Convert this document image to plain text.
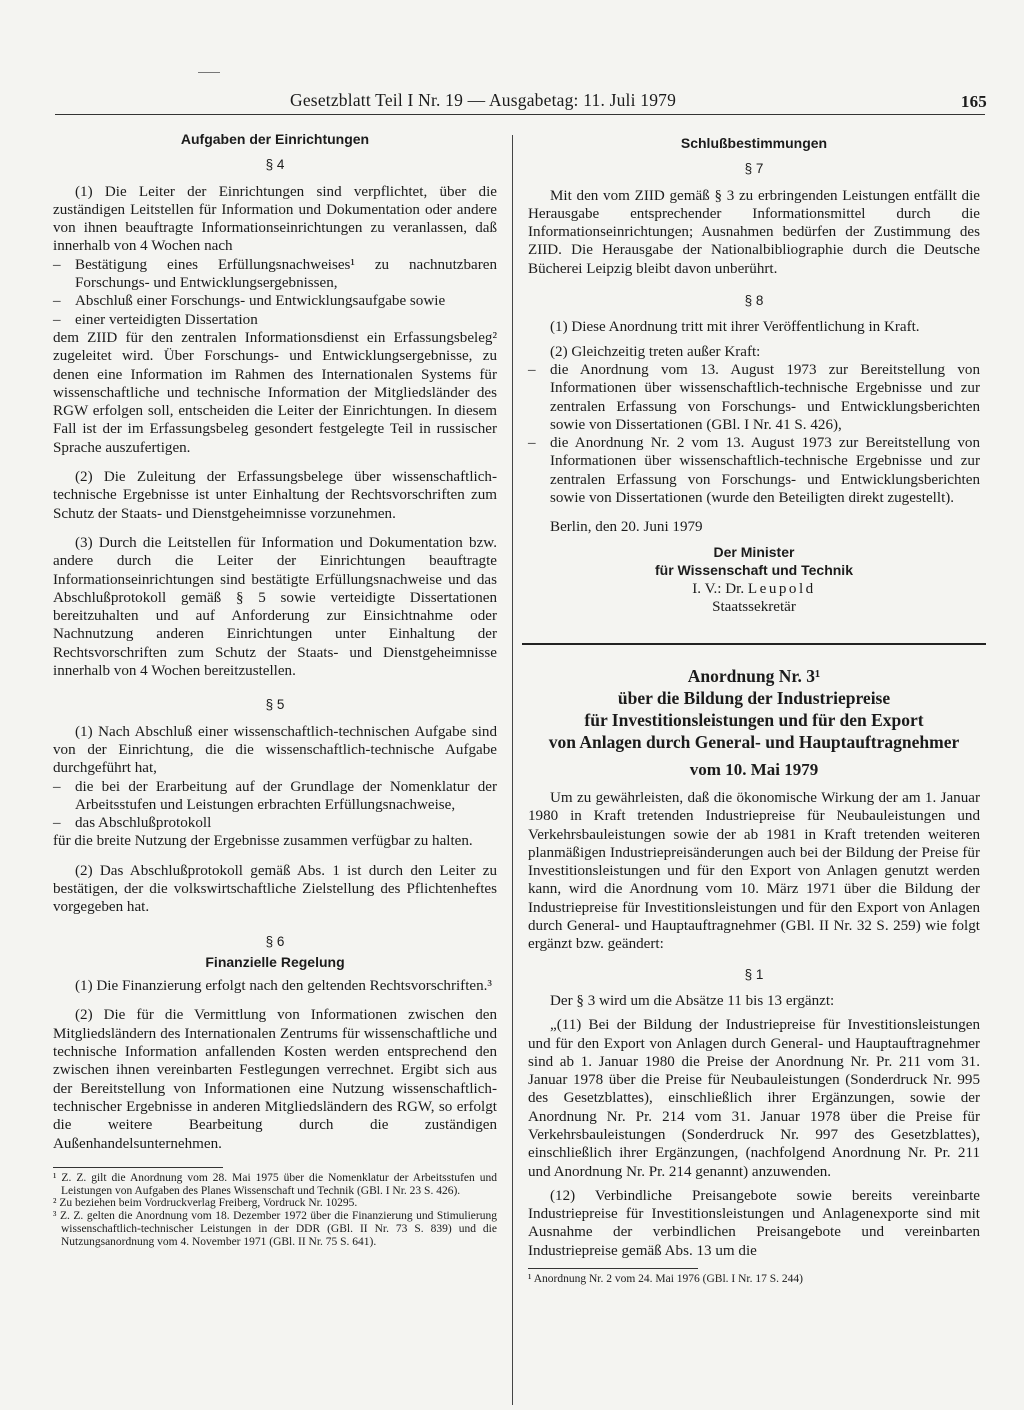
Gesetzblatt Teil I Nr. 19 — Ausgabetag: 11. Juli 1979	165
Aufgaben der Einrichtungen
§ 4

(1) Die Leiter der Einrichtungen sind verpflichtet, über die zuständigen Leitstellen für Information und Dokumentation oder andere von ihnen beauftragte Informationseinrichtungen zu veranlassen, daß innerhalb von 4 Wochen nach

– Bestätigung eines Erfüllungsnachweises¹ zu nachnutzbaren Forschungs- und Entwicklungsergebnissen,
– Abschluß einer Forschungs- und Entwicklungsaufgabe sowie
– einer verteidigten Dissertation

dem ZIID für den zentralen Informationsdienst ein Erfassungsbeleg² zugeleitet wird. Über Forschungs- und Entwicklungsergebnisse, zu denen eine Information im Rahmen des Internationalen Systems für wissenschaftliche und technische Information der Mitgliedsländer des RGW erfolgen soll, entscheiden die Leiter der Einrichtungen. In diesem Fall ist der im Erfassungsbeleg gesondert festgelegte Teil in russischer Sprache auszufertigen.

(2) Die Zuleitung der Erfassungsbelege über wissenschaftlich-technische Ergebnisse ist unter Einhaltung der Rechtsvorschriften zum Schutz der Staats- und Dienstgeheimnisse vorzunehmen.

(3) Durch die Leitstellen für Information und Dokumentation bzw. andere durch die Leiter der Einrichtungen beauftragte Informationseinrichtungen sind bestätigte Erfüllungsnachweise und das Abschlußprotokoll gemäß § 5 sowie verteidigte Dissertationen bereitzuhalten und auf Anforderung zur Einsichtnahme oder Nachnutzung anderen Einrichtungen unter Einhaltung der Rechtsvorschriften zum Schutz der Staats- und Dienstgeheimnisse innerhalb von 4 Wochen bereitzustellen.

§ 5

(1) Nach Abschluß einer wissenschaftlich-technischen Aufgabe sind von der Einrichtung, die die wissenschaftlich-technische Aufgabe durchgeführt hat,

– die bei der Erarbeitung auf der Grundlage der Nomenklatur der Arbeitsstufen und Leistungen erbrachten Erfüllungsnachweise,
– das Abschlußprotokoll

für die breite Nutzung der Ergebnisse zusammen verfügbar zu halten.

(2) Das Abschlußprotokoll gemäß Abs. 1 ist durch den Leiter zu bestätigen, der die volkswirtschaftliche Zielstellung des Pflichtenheftes vorgegeben hat.

§ 6
Finanzielle Regelung

(1) Die Finanzierung erfolgt nach den geltenden Rechtsvorschriften.³

(2) Die für die Vermittlung von Informationen zwischen den Mitgliedsländern des Internationalen Zentrums für wissenschaftliche und technische Information anfallenden Kosten werden entsprechend den zwischen ihnen vereinbarten Festlegungen verrechnet. Ergibt sich aus der Bereitstellung von Informationen eine Nutzung wissenschaftlich-technischer Ergebnisse in anderen Mitgliedsländern des RGW, so erfolgt die weitere Bearbeitung durch die zuständigen Außenhandelsunternehmen.

¹ Z. Z. gilt die Anordnung vom 28. Mai 1975 über die Nomenklatur der Arbeitsstufen und Leistungen von Aufgaben des Planes Wissenschaft und Technik (GBl. I Nr. 23 S. 426).
² Zu beziehen beim Vordruckverlag Freiberg, Vordruck Nr. 10295.
³ Z. Z. gelten die Anordnung vom 18. Dezember 1972 über die Finanzierung und Stimulierung wissenschaftlich-technischer Leistungen in der DDR (GBl. II Nr. 73 S. 839) und die Nutzungsanordnung vom 4. November 1971 (GBl. II Nr. 75 S. 641).
Schlußbestimmungen
§ 7

Mit den vom ZIID gemäß § 3 zu erbringenden Leistungen entfällt die Herausgabe entsprechender Informationsmittel durch die Informationseinrichtungen; Ausnahmen bedürfen der Zustimmung des ZIID. Die Herausgabe der Nationalbibliographie durch die Deutsche Bücherei Leipzig bleibt davon unberührt.

§ 8

(1) Diese Anordnung tritt mit ihrer Veröffentlichung in Kraft.

(2) Gleichzeitig treten außer Kraft:

– die Anordnung vom 13. August 1973 zur Bereitstellung von Informationen über wissenschaftlich-technische Ergebnisse und zur zentralen Erfassung von Forschungs- und Entwicklungsberichten sowie von Dissertationen (GBl. I Nr. 41 S. 426),
– die Anordnung Nr. 2 vom 13. August 1973 zur Bereitstellung von Informationen über wissenschaftlich-technische Ergebnisse und zur zentralen Erfassung von Forschungs- und Entwicklungsberichten sowie von Dissertationen (wurde den Beteiligten direkt zugestellt).

Berlin, den 20. Juni 1979

Der Minister
für Wissenschaft und Technik
I. V.: Dr. Leupold
Staatssekretär
Anordnung Nr. 3¹
über die Bildung der Industriepreise
für Investitionsleistungen und für den Export
von Anlagen durch General- und Hauptauftragnehmer
vom 10. Mai 1979

Um zu gewährleisten, daß die ökonomische Wirkung der am 1. Januar 1980 in Kraft tretenden Industriepreise für Neubauleistungen und Verkehrsbauleistungen sowie der ab 1981 in Kraft tretenden weiteren planmäßigen Industriepreisänderungen auch bei der Bildung der Preise für Investitionsleistungen und für den Export von Anlagen genutzt werden kann, wird die Anordnung vom 10. März 1971 über die Bildung der Industriepreise für Investitionsleistungen und für den Export von Anlagen durch General- und Hauptauftragnehmer (GBl. II Nr. 32 S. 259) wie folgt ergänzt bzw. geändert:

§ 1

Der § 3 wird um die Absätze 11 bis 13 ergänzt:

„(11) Bei der Bildung der Industriepreise für Investitionsleistungen und für den Export von Anlagen durch General- und Hauptauftragnehmer sind ab 1. Januar 1980 die Preise der Anordnung Nr. Pr. 211 vom 31. Januar 1978 über die Preise für Neubauleistungen (Sonderdruck Nr. 995 des Gesetzblattes), einschließlich ihrer Ergänzungen, sowie der Anordnung Nr. Pr. 214 vom 31. Januar 1978 über die Preise für Verkehrsbauleistungen (Sonderdruck Nr. 997 des Gesetzblattes), einschließlich ihrer Ergänzungen, (nachfolgend Anordnung Nr. Pr. 211 und Anordnung Nr. Pr. 214 genannt) anzuwenden.

(12) Verbindliche Preisangebote sowie bereits vereinbarte Industriepreise für Investitionsleistungen und Anlagenexporte sind mit Ausnahme der verbindlichen Preisangebote und vereinbarten Industriepreise gemäß Abs. 13 um die

¹ Anordnung Nr. 2 vom 24. Mai 1976 (GBl. I Nr. 17 S. 244)
